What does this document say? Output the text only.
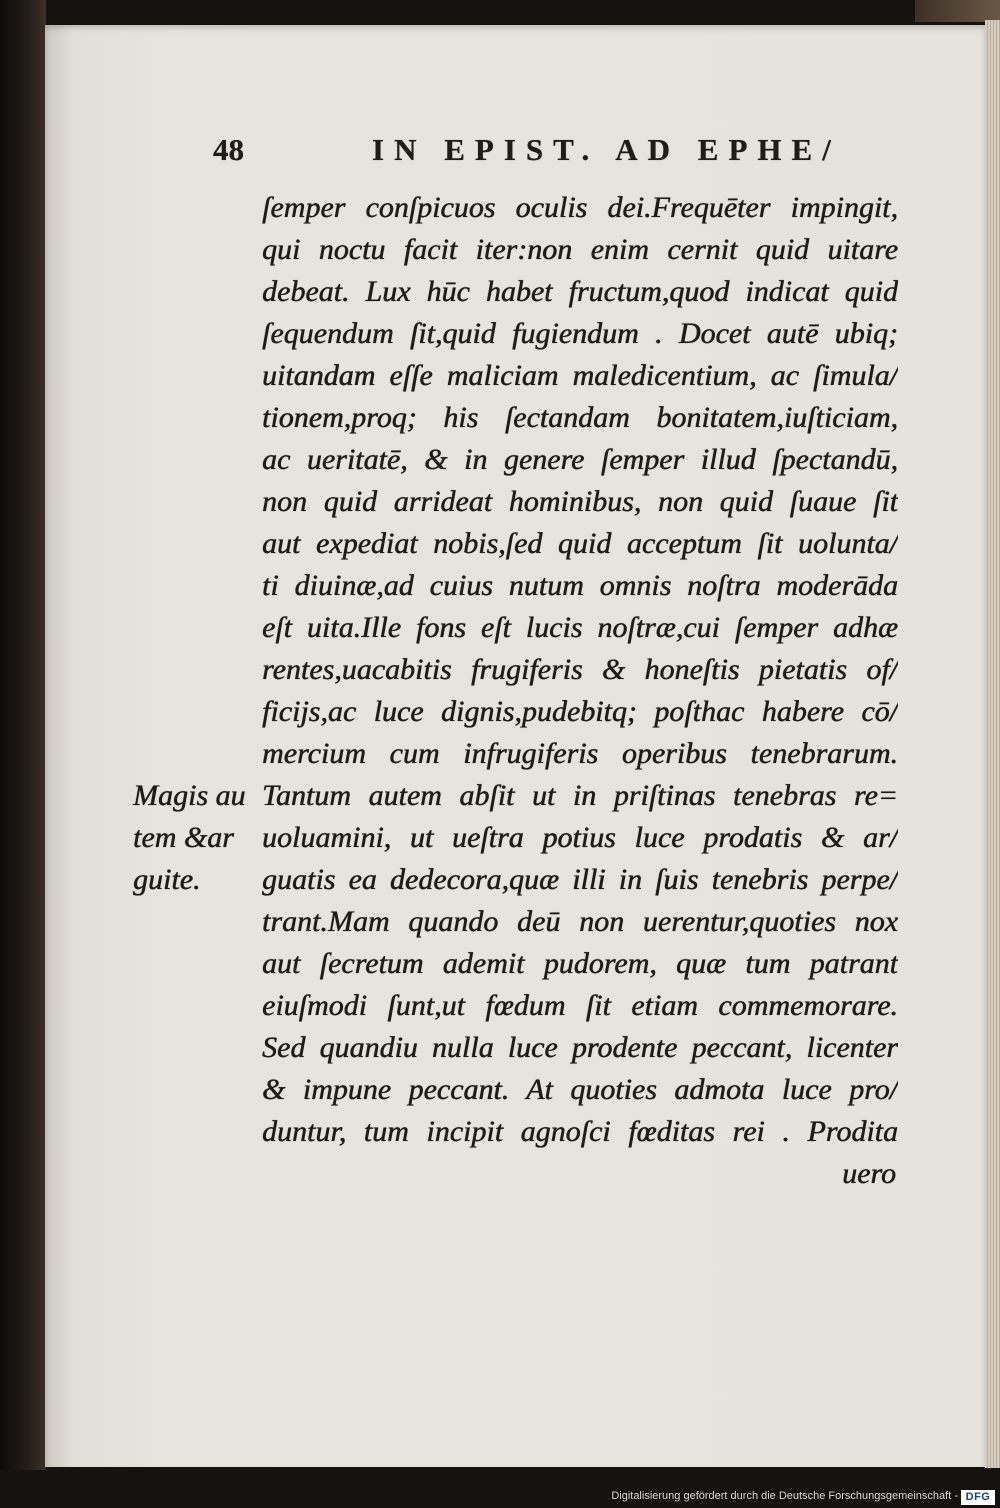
48	IN EPIST. AD EPHE/
ſemper conſpicuos oculis dei.Frequēter impingit,
qui noctu facit iter:non enim cernit quid uitare
debeat. Lux hūc habet fructum,quod indicat quid
ſequendum ſit,quid fugiendum . Docet autē ubiq;
uitandam eſſe maliciam maledicentium, ac ſimula/
tionem,proq; his ſectandam bonitatem,iuſticiam,
ac ueritatē, & in genere ſemper illud ſpectandū,
non quid arrideat hominibus, non quid ſuaue ſit
aut expediat nobis,ſed quid acceptum ſit uolunta/
ti diuinæ,ad cuius nutum omnis noſtra moderāda
eſt uita.Ille fons eſt lucis noſtræ,cui ſemper adhæ
rentes,uacabitis frugiferis & honeſtis pietatis of/
ficijs,ac luce dignis,pudebitq; poſthac habere cō/
mercium cum infrugiferis operibus tenebrarum.
Tantum autem abſit ut in priſtinas tenebras re=
uoluamini, ut ueſtra potius luce prodatis & ar/
guatis ea dedecora,quæ illi in ſuis tenebris perpe/
trant.Mam quando deū non uerentur,quoties nox
aut ſecretum ademit pudorem, quæ tum patrant
eiuſmodi ſunt,ut fœdum ſit etiam commemorare.
Sed quandiu nulla luce prodente peccant, licenter
& impune peccant. At quoties admota luce pro/
duntur, tum incipit agnoſci fœditas rei . Prodita
uero
Magis au
tem &ar
guite.
Digitalisierung gefördert durch die Deutsche Forschungsgemeinschaft - DFG
